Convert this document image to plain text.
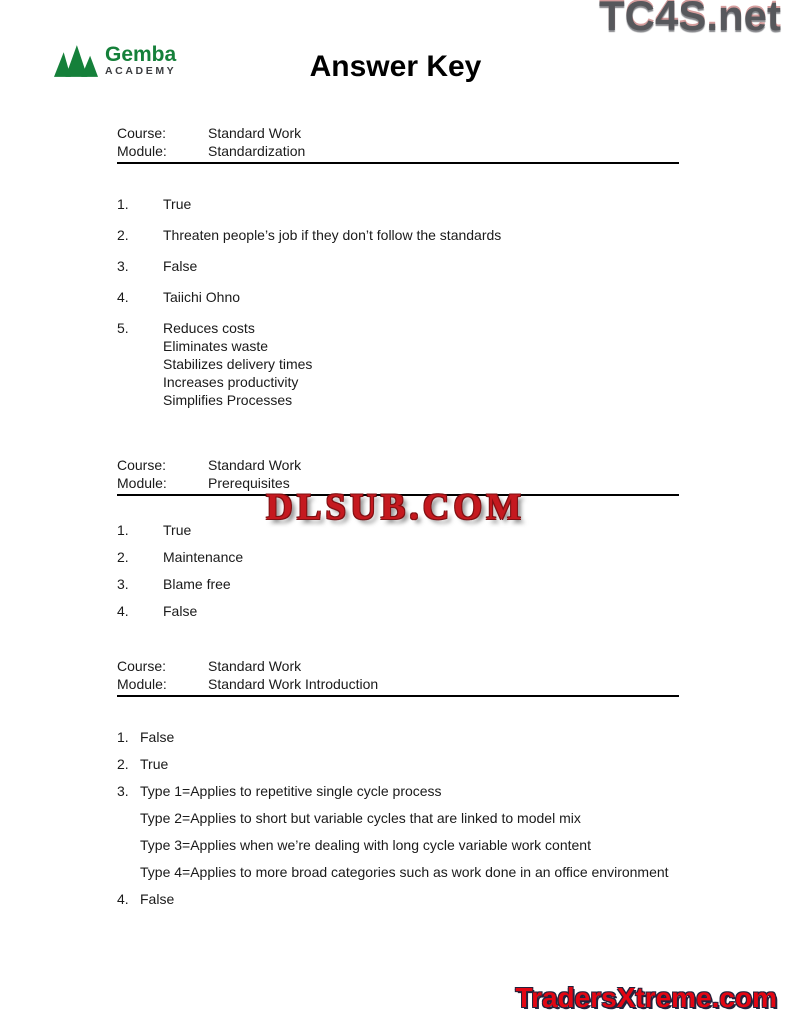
TC4S.net
Gemba
ACADEMY	Answer Key
Course:	Standard Work
Module:	Standardization
1.	True
2.	Threaten people’s job if they don’t follow the standards
3.	False
4.	Taiichi Ohno
5.	Reduces costs
Eliminates waste
Stabilizes delivery times
Increases productivity
Simplifies Processes
Course:	Standard Work
Module:	Prerequisites
DLSUB.COM
1.	True
2.	Maintenance
3.	Blame free
4.	False
Course:	Standard Work
Module:	Standard Work Introduction
1. False
2. True
3. Type 1=Applies to repetitive single cycle process
Type 2=Applies to short but variable cycles that are linked to model mix
Type 3=Applies when we’re dealing with long cycle variable work content
Type 4=Applies to more broad categories such as work done in an office environment
4. False
TradersXtreme.com
